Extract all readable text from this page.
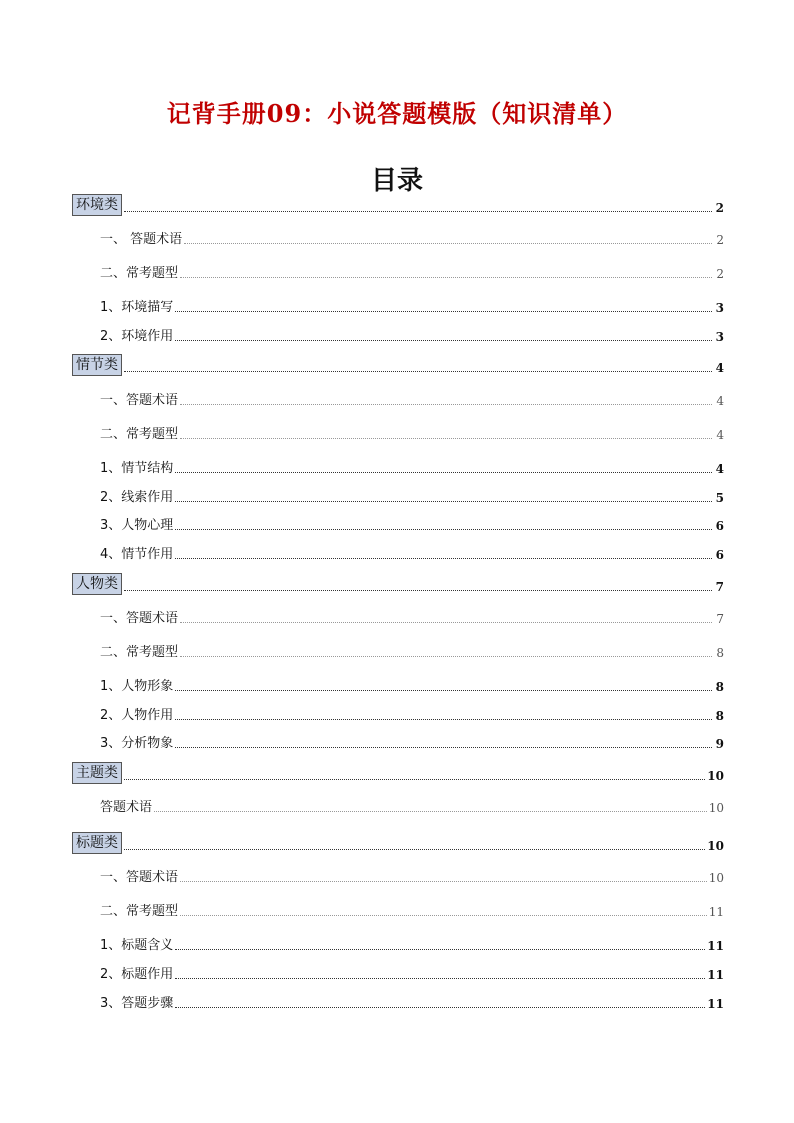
记背手册09：小说答题模版（知识清单）
目录
环境类	2
一、 答题术语	2
二、常考题型	2
1、环境描写	3
2、环境作用	3
情节类	4
一、答题术语	4
二、常考题型	4
1、情节结构	4
2、线索作用	5
3、人物心理	6
4、情节作用	6
人物类	7
一、答题术语	7
二、常考题型	8
1、人物形象	8
2、人物作用	8
3、分析物象	9
主题类	10
答题术语	10
标题类	10
一、答题术语	10
二、常考题型	11
1、标题含义	11
2、标题作用	11
3、答题步骤	11
